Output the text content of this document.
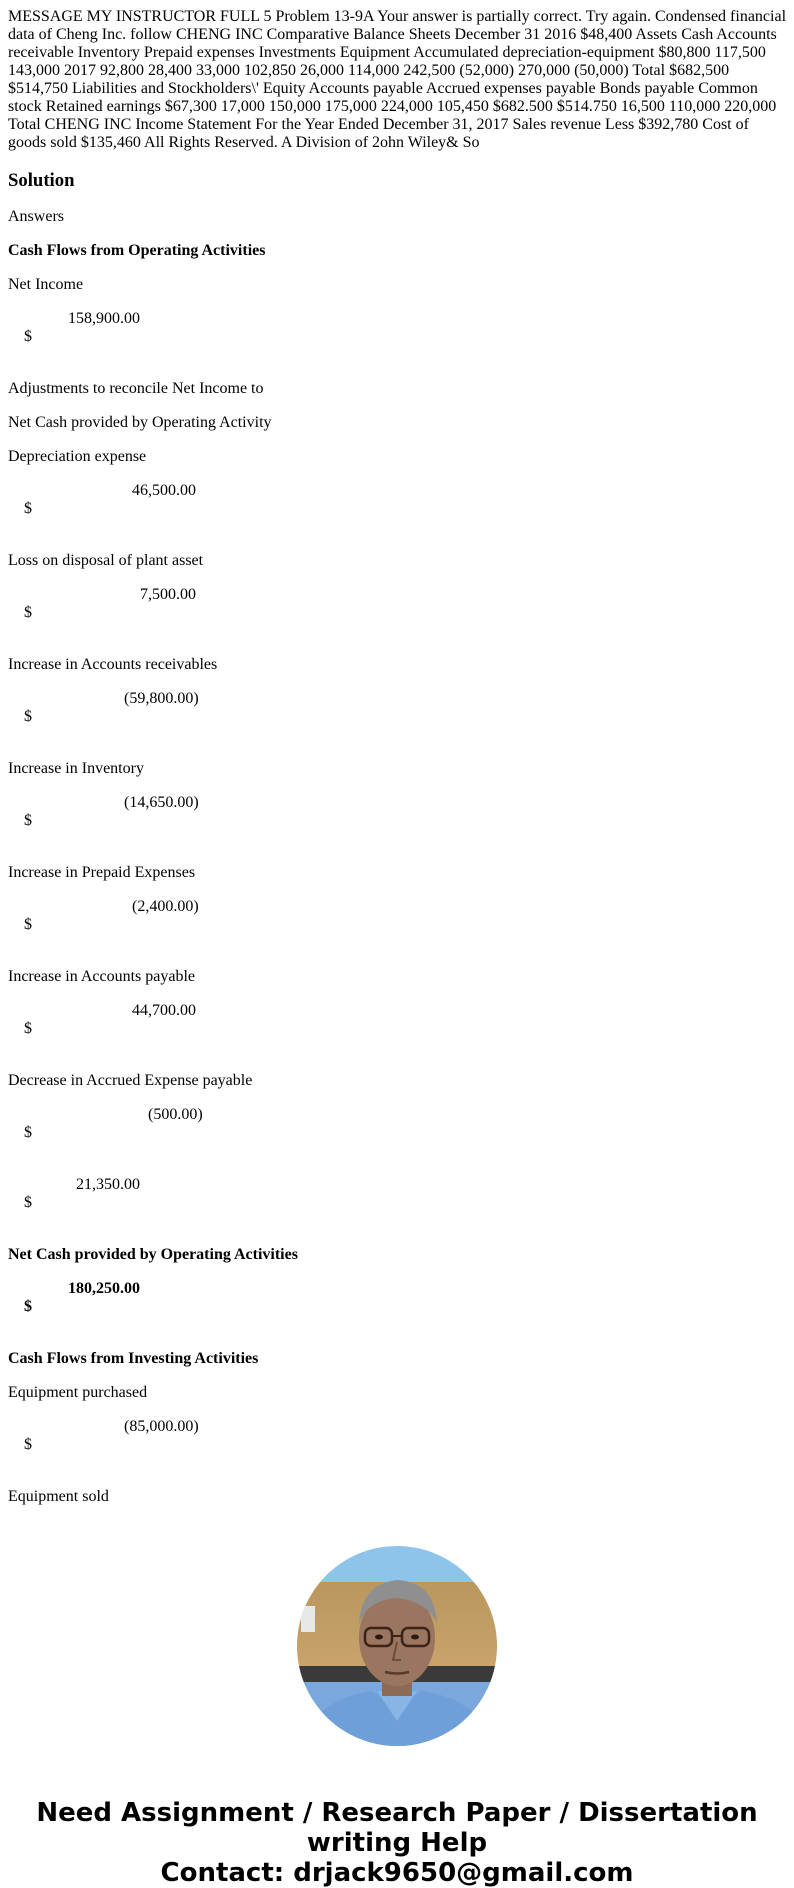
MESSAGE MY INSTRUCTOR FULL 5 Problem 13-9A Your answer is partially correct. Try again. Condensed financial data of Cheng Inc. follow CHENG INC Comparative Balance Sheets December 31 2016 $48,400 Assets Cash Accounts receivable Inventory Prepaid expenses Investments Equipment Accumulated depreciation-equipment $80,800 117,500 143,000 2017 92,800 28,400 33,000 102,850 26,000 114,000 242,500 (52,000) 270,000 (50,000) Total $682,500 $514,750 Liabilities and Stockholders\' Equity Accounts payable Accrued expenses payable Bonds payable Common stock Retained earnings $67,300 17,000 150,000 175,000 224,000 105,450 $682.500 $514.750 16,500 110,000 220,000 Total CHENG INC Income Statement For the Year Ended December 31, 2017 Sales revenue Less $392,780 Cost of goods sold $135,460 All Rights Reserved. A Division of 2ohn Wiley& So

Solution
Answers
Cash Flows from Operating Activities
Net Income

$
158,900.00

Adjustments to reconcile Net Income to
Net Cash provided by Operating Activity
Depreciation expense

$
46,500.00

Loss on disposal of plant asset

$
7,500.00

Increase in Accounts receivables

$
(59,800.00)

Increase in Inventory

$
(14,650.00)

Increase in Prepaid Expenses

$
(2,400.00)

Increase in Accounts payable

$
44,700.00

Decrease in Accrued Expense payable

$
(500.00)

$
21,350.00

Net Cash provided by Operating Activities

$
180,250.00

Cash Flows from Investing Activities
Equipment purchased

$
(85,000.00)

Equipment sold
Need Assignment / Research Paper / Dissertation
writing Help
Contact: drjack9650@gmail.com
